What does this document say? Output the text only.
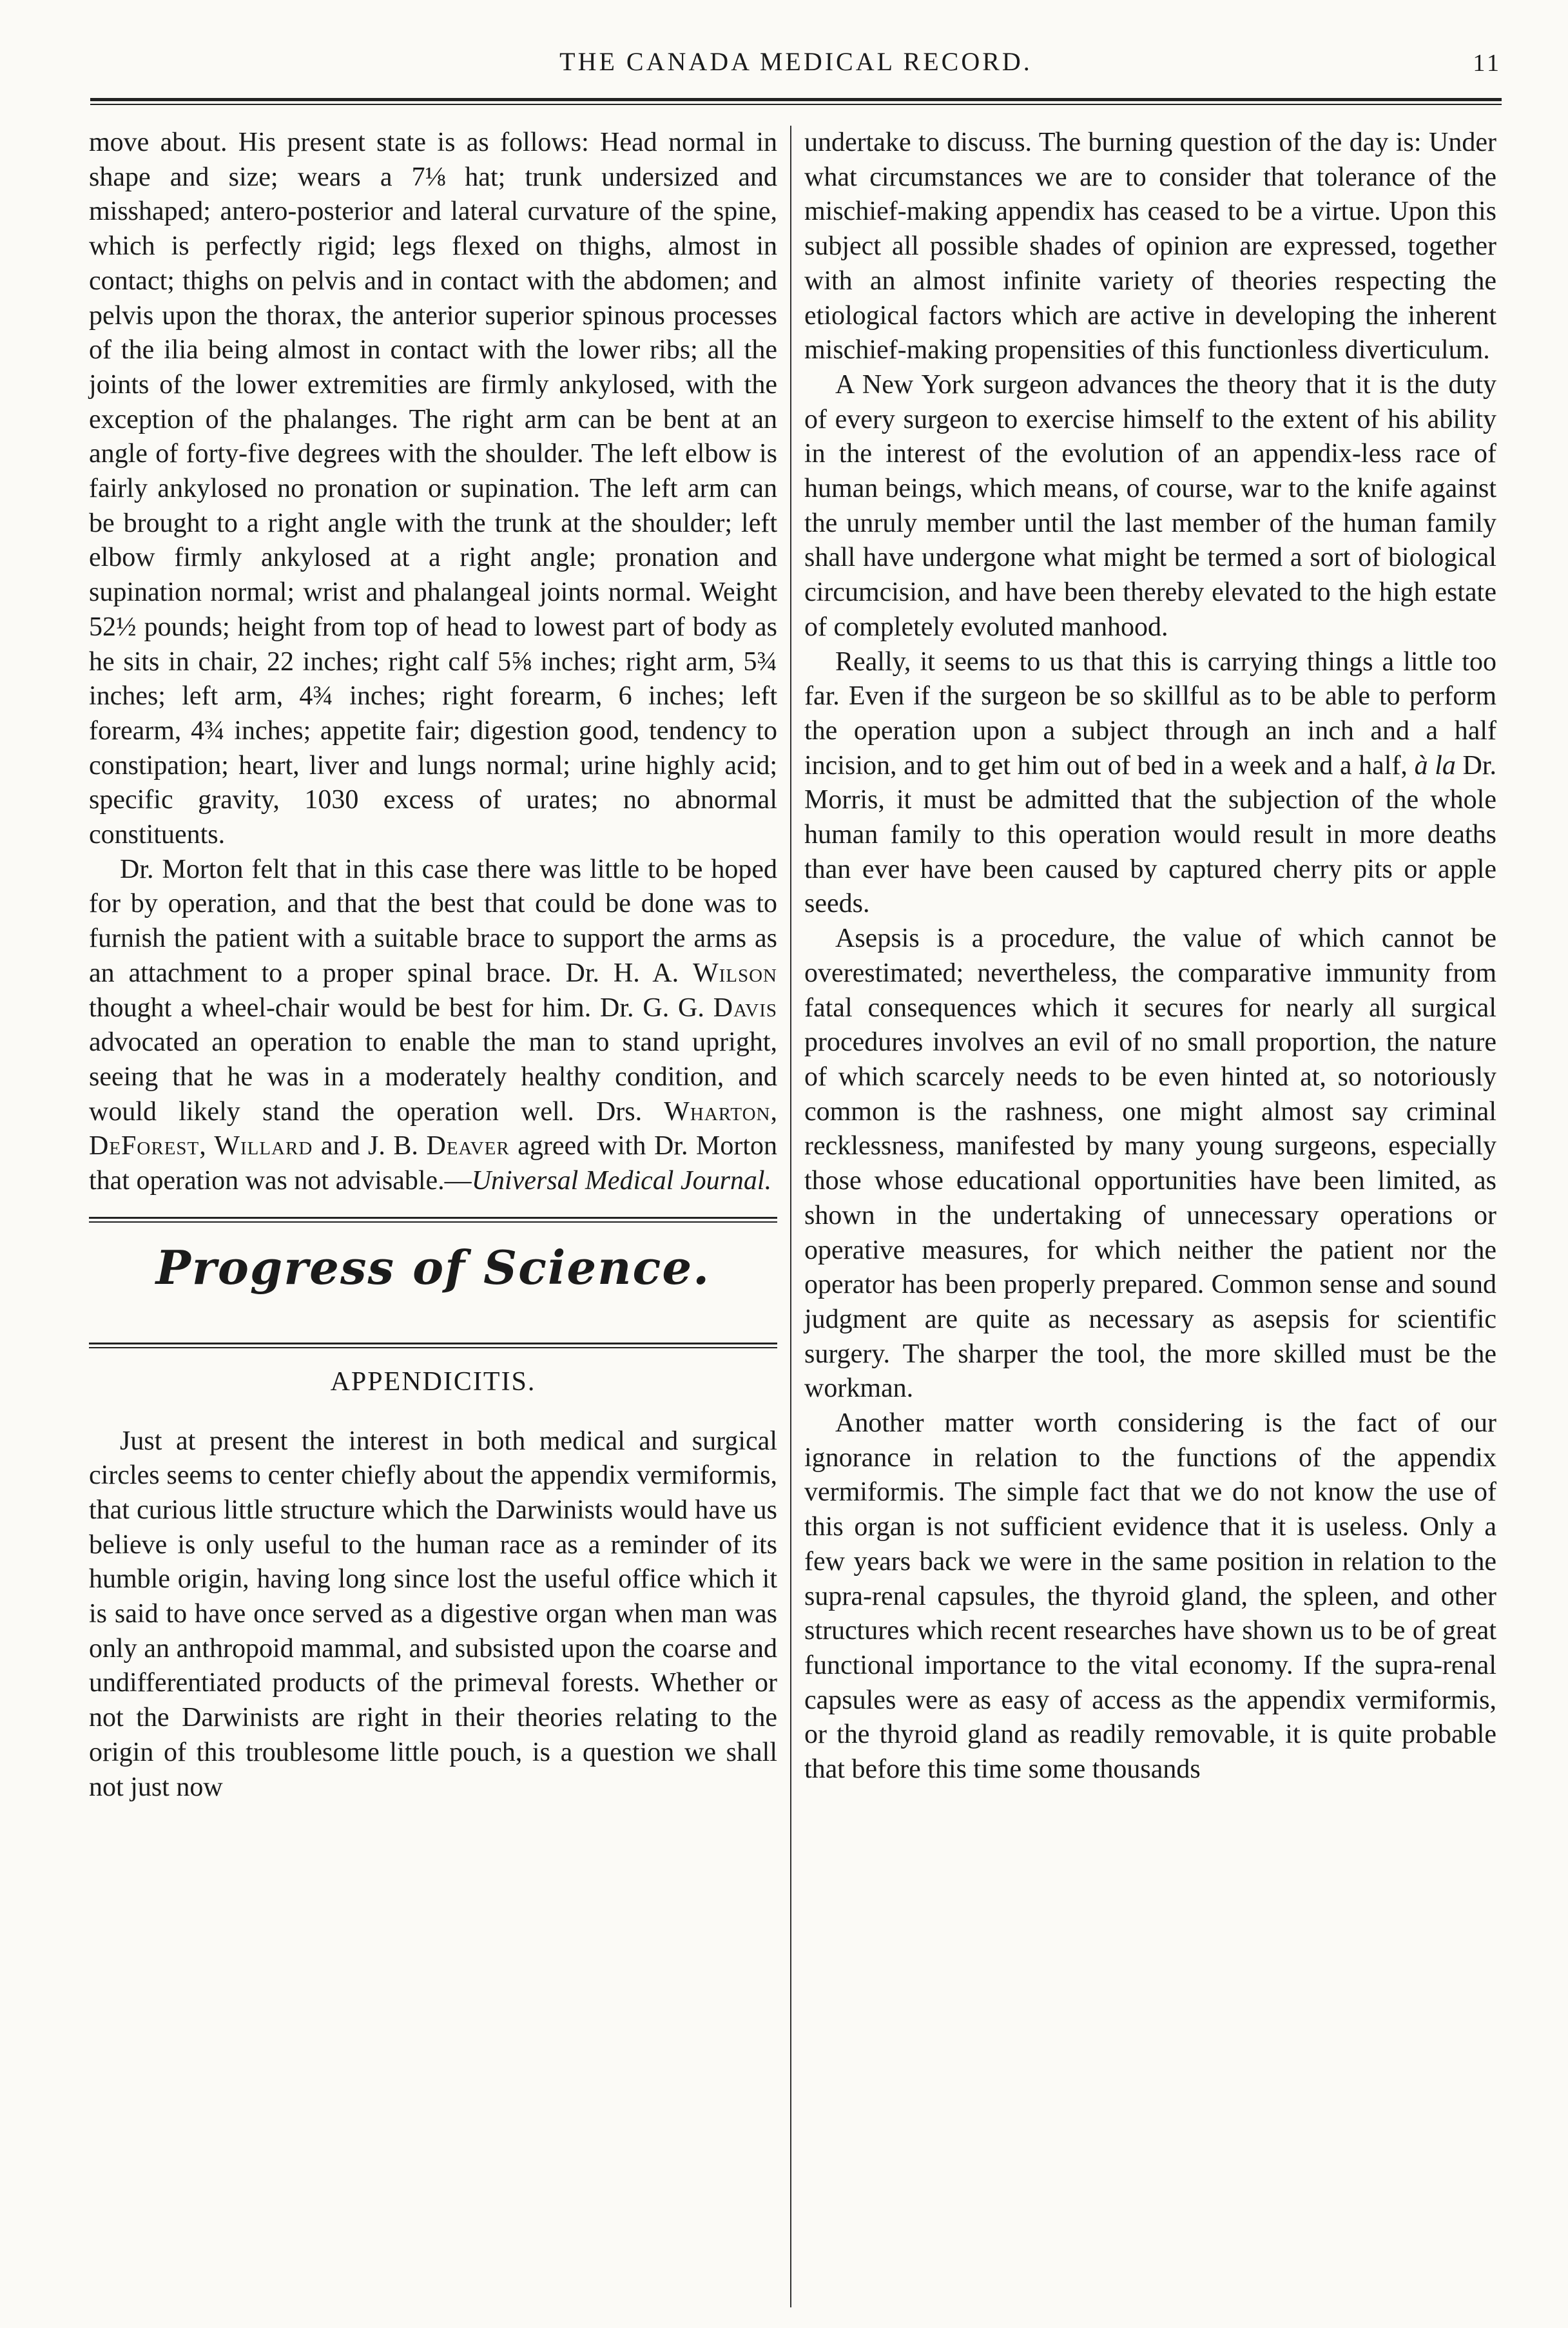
THE CANADA MEDICAL RECORD.	11

move about. His present state is as follows: Head normal in shape and size; wears a 7⅛ hat; trunk undersized and misshaped; antero-posterior and lateral curvature of the spine, which is perfectly rigid; legs flexed on thighs, almost in contact; thighs on pelvis and in contact with the abdomen; and pelvis upon the thorax, the anterior superior spinous processes of the ilia being almost in contact with the lower ribs; all the joints of the lower extremities are firmly ankylosed, with the exception of the phalanges. The right arm can be bent at an angle of forty-five degrees with the shoulder. The left elbow is fairly ankylosed no pronation or supination. The left arm can be brought to a right angle with the trunk at the shoulder; left elbow firmly ankylosed at a right angle; pronation and supination normal; wrist and phalangeal joints normal. Weight 52½ pounds; height from top of head to lowest part of body as he sits in chair, 22 inches; right calf 5⅝ inches; right arm, 5¾ inches; left arm, 4¾ inches; right forearm, 6 inches; left forearm, 4¾ inches; appetite fair; digestion good, tendency to constipation; heart, liver and lungs normal; urine highly acid; specific gravity, 1030 excess of urates; no abnormal constituents.

Dr. Morton felt that in this case there was little to be hoped for by operation, and that the best that could be done was to furnish the patient with a suitable brace to support the arms as an attachment to a proper spinal brace. Dr. H. A. Wilson thought a wheel-chair would be best for him. Dr. G. G. Davis advocated an operation to enable the man to stand upright, seeing that he was in a moderately healthy condition, and would likely stand the operation well. Drs. Wharton, DeForest, Willard and J. B. Deaver agreed with Dr. Morton that operation was not advisable.—Universal Medical Journal.

Progress of Science.

APPENDICITIS.

Just at present the interest in both medical and surgical circles seems to center chiefly about the appendix vermiformis, that curious little structure which the Darwinists would have us believe is only useful to the human race as a reminder of its humble origin, having long since lost the useful office which it is said to have once served as a digestive organ when man was only an anthropoid mammal, and subsisted upon the coarse and undifferentiated products of the primeval forests. Whether or not the Darwinists are right in their theories relating to the origin of this troublesome little pouch, is a question we shall not just now

undertake to discuss. The burning question of the day is: Under what circumstances we are to consider that tolerance of the mischief-making appendix has ceased to be a virtue. Upon this subject all possible shades of opinion are expressed, together with an almost infinite variety of theories respecting the etiological factors which are active in developing the inherent mischief-making propensities of this functionless diverticulum.

A New York surgeon advances the theory that it is the duty of every surgeon to exercise himself to the extent of his ability in the interest of the evolution of an appendix-less race of human beings, which means, of course, war to the knife against the unruly member until the last member of the human family shall have undergone what might be termed a sort of biological circumcision, and have been thereby elevated to the high estate of completely evoluted manhood.

Really, it seems to us that this is carrying things a little too far. Even if the surgeon be so skillful as to be able to perform the operation upon a subject through an inch and a half incision, and to get him out of bed in a week and a half, à la Dr. Morris, it must be admitted that the subjection of the whole human family to this operation would result in more deaths than ever have been caused by captured cherry pits or apple seeds.

Asepsis is a procedure, the value of which cannot be overestimated; nevertheless, the comparative immunity from fatal consequences which it secures for nearly all surgical procedures involves an evil of no small proportion, the nature of which scarcely needs to be even hinted at, so notoriously common is the rashness, one might almost say criminal recklessness, manifested by many young surgeons, especially those whose educational opportunities have been limited, as shown in the undertaking of unnecessary operations or operative measures, for which neither the patient nor the operator has been properly prepared. Common sense and sound judgment are quite as necessary as asepsis for scientific surgery. The sharper the tool, the more skilled must be the workman.

Another matter worth considering is the fact of our ignorance in relation to the functions of the appendix vermiformis. The simple fact that we do not know the use of this organ is not sufficient evidence that it is useless. Only a few years back we were in the same position in relation to the supra-renal capsules, the thyroid gland, the spleen, and other structures which recent researches have shown us to be of great functional importance to the vital economy. If the supra-renal capsules were as easy of access as the appendix vermiformis, or the thyroid gland as readily removable, it is quite probable that before this time some thousands
